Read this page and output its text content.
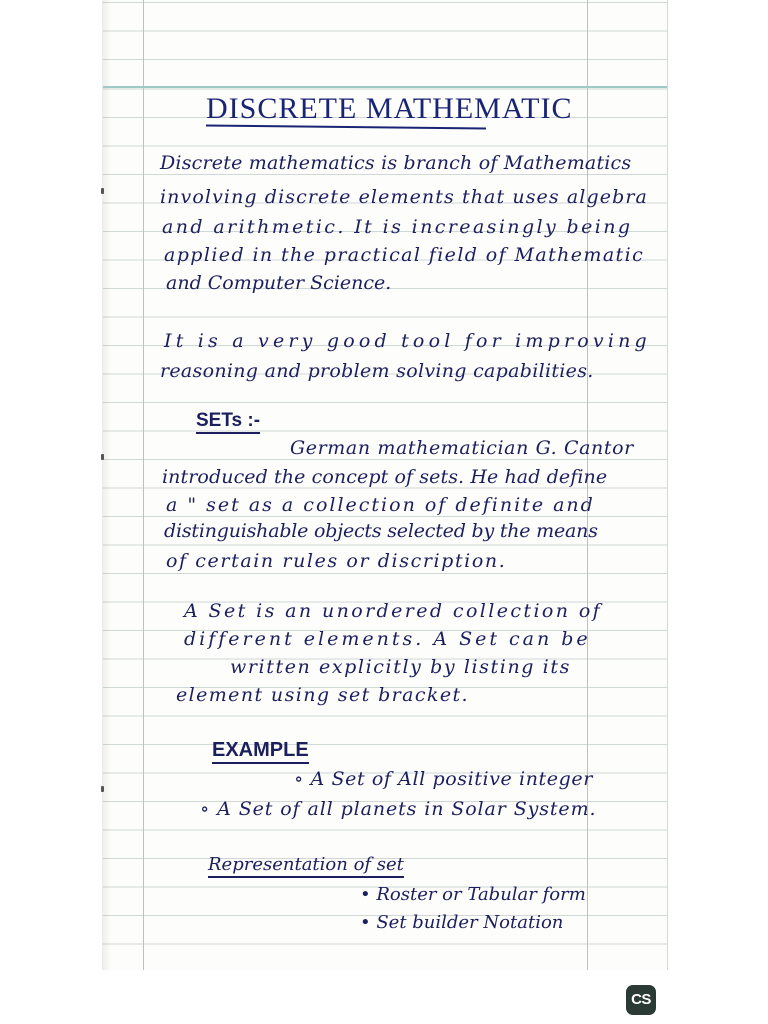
DISCRETE MATHEMATIC
Discrete mathematics is branch of Mathematics
involving discrete elements that uses algebra
and arithmetic. It is increasingly being
applied in the practical field of Mathematic
and Computer Science.
It is a very good tool for improving
reasoning and problem solving capabilities.
SETs :-
German mathematician G. Cantor
introduced the concept of sets. He had define
a " set as a collection of definite and
distinguishable objects selected by the means
of certain rules or discription.
A Set is an unordered collection of
different elements. A Set can be
written explicitly by listing its
element using set bracket.
EXAMPLE
∘ A Set of All positive integer
∘ A Set of all planets in Solar System.
Representation of set
• Roster or Tabular form
• Set builder Notation
CS
